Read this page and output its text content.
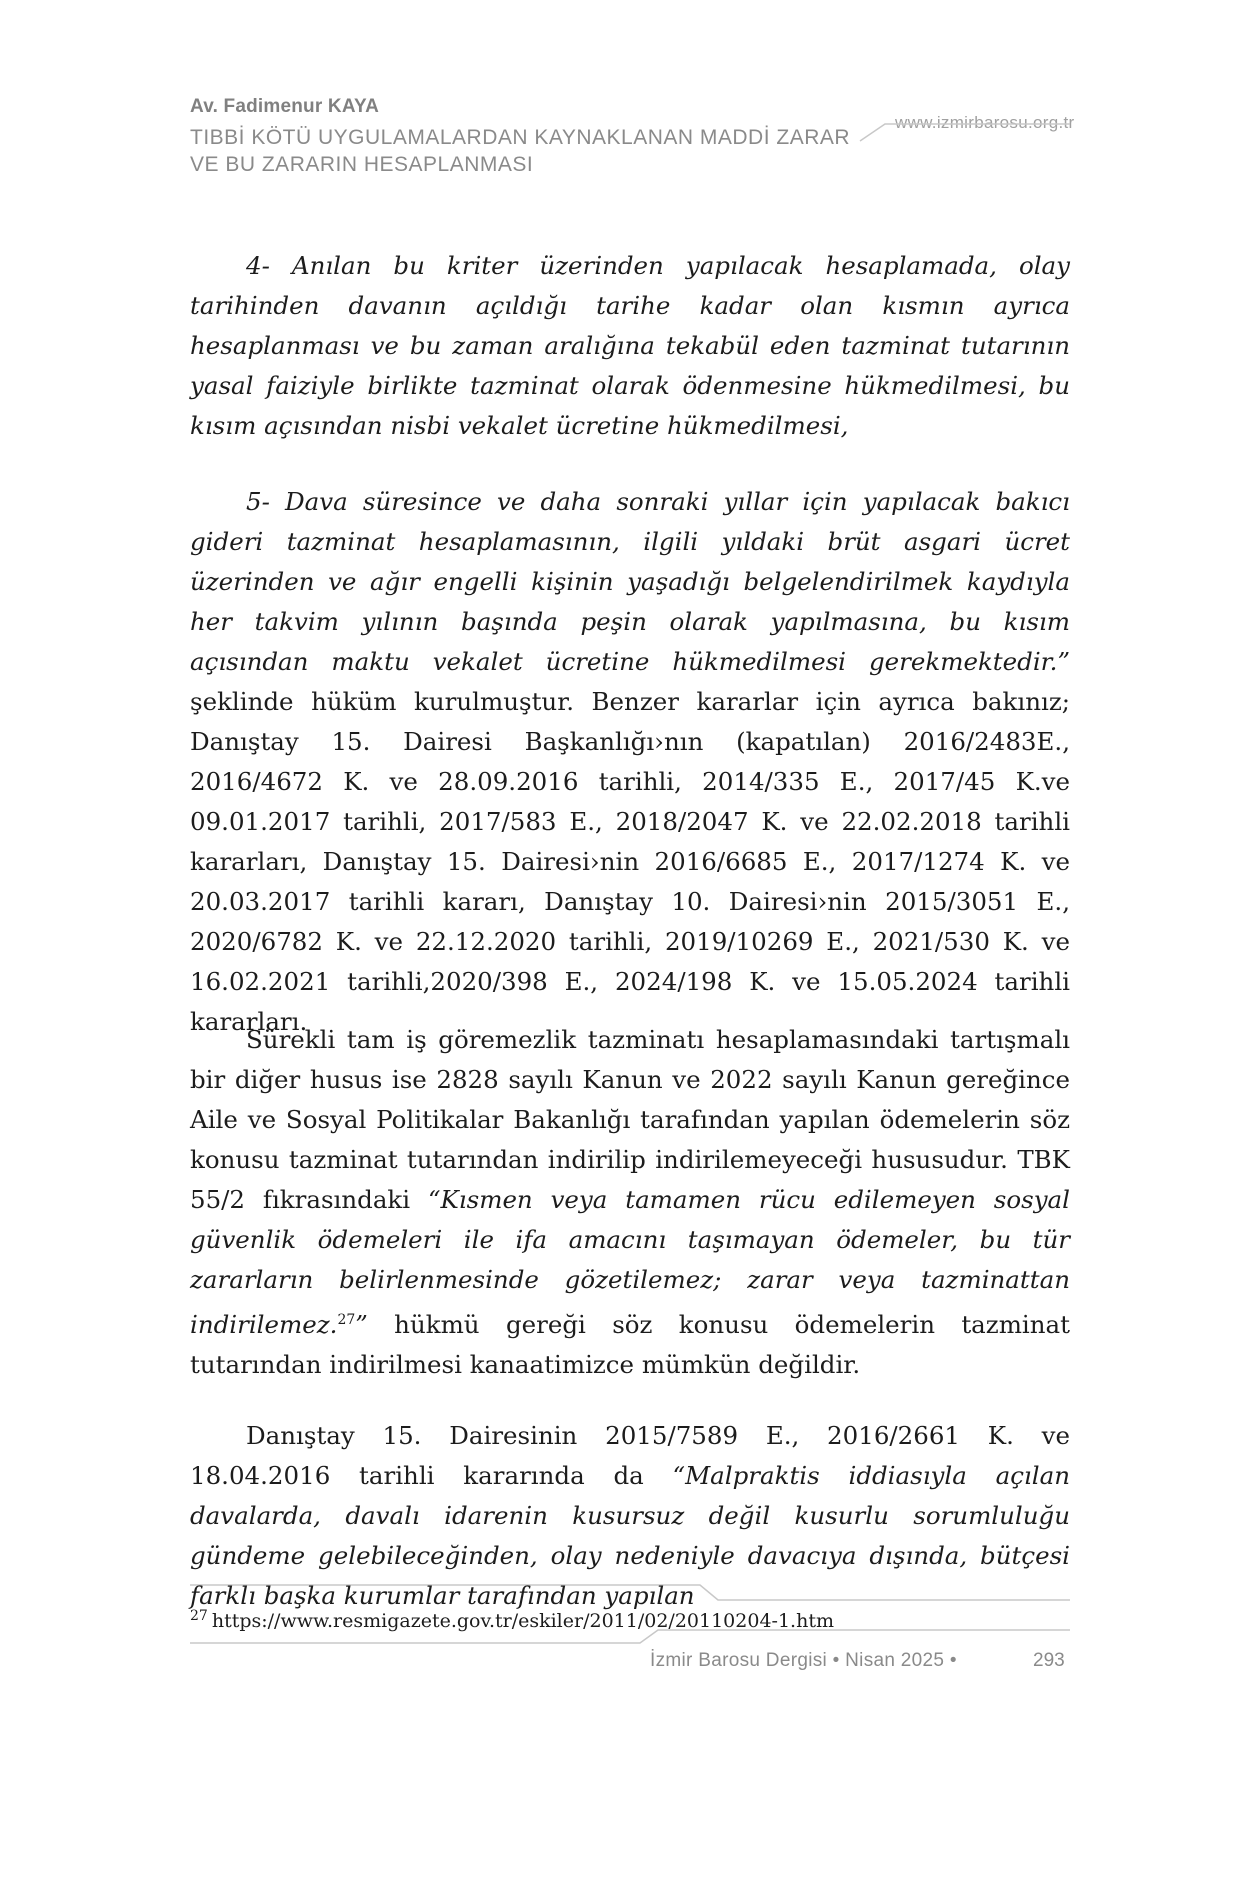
Av. Fadimenur KAYA
TIBBİ KÖTÜ UYGULAMALARDAN KAYNAKLANAN MADDİ ZARAR VE BU ZARARIN HESAPLANMASI
www.izmirbarosu.org.tr

4- Anılan bu kriter üzerinden yapılacak hesaplamada, olay tarihinden davanın açıldığı tarihe kadar olan kısmın ayrıca hesaplanması ve bu zaman aralığına tekabül eden tazminat tutarının yasal faiziyle birlikte tazminat olarak ödenmesine hükmedilmesi, bu kısım açısından nisbi vekalet ücretine hükmedilmesi,

5- Dava süresince ve daha sonraki yıllar için yapılacak bakıcı gideri tazminat hesaplamasının, ilgili yıldaki brüt asgari ücret üzerinden ve ağır engelli kişinin yaşadığı belgelendirilmek kaydıyla her takvim yılının başında peşin olarak yapılmasına, bu kısım açısından maktu vekalet ücretine hükmedilmesi gerekmektedir.” şeklinde hüküm kurulmuştur. Benzer kararlar için ayrıca bakınız; Danıştay 15. Dairesi Başkanlığı›nın (kapatılan) 2016/2483E., 2016/4672 K. ve 28.09.2016 tarihli, 2014/335 E., 2017/45 K.ve 09.01.2017 tarihli, 2017/583 E., 2018/2047 K. ve 22.02.2018 tarihli kararları, Danıştay 15. Dairesi›nin 2016/6685 E., 2017/1274 K. ve 20.03.2017 tarihli kararı, Danıştay 10. Dairesi›nin 2015/3051 E., 2020/6782 K. ve 22.12.2020 tarihli, 2019/10269 E., 2021/530 K. ve 16.02.2021 tarihli,2020/398 E., 2024/198 K. ve 15.05.2024 tarihli kararları.

Sürekli tam iş göremezlik tazminatı hesaplamasındaki tartışmalı bir diğer husus ise 2828 sayılı Kanun ve 2022 sayılı Kanun gereğince Aile ve Sosyal Politikalar Bakanlığı tarafından yapılan ödemelerin söz konusu tazminat tutarından indirilip indirilemeyeceği hususudur. TBK 55/2 fıkrasındaki “Kısmen veya tamamen rücu edilemeyen sosyal güvenlik ödemeleri ile ifa amacını taşımayan ödemeler, bu tür zararların belirlenmesinde gözetilemez; zarar veya tazminattan indirilemez.$^{27}$” hükmü gereği söz konusu ödemelerin tazminat tutarından indirilmesi kanaatimizce mümkün değildir.

Danıştay 15. Dairesinin 2015/7589 E., 2016/2661 K. ve 18.04.2016 tarihli kararında da “Malpraktis iddiasıyla açılan davalarda, davalı idarenin kusursuz değil kusurlu sorumluluğu gündeme gelebileceğinden, olay nedeniyle davacıya dışında, bütçesi farklı başka kurumlar tarafından yapılan

$^{27}$ https://www.resmigazete.gov.tr/eskiler/2011/02/20110204-1.htm
İzmir Barosu Dergisi • Nisan 2025 •	293
